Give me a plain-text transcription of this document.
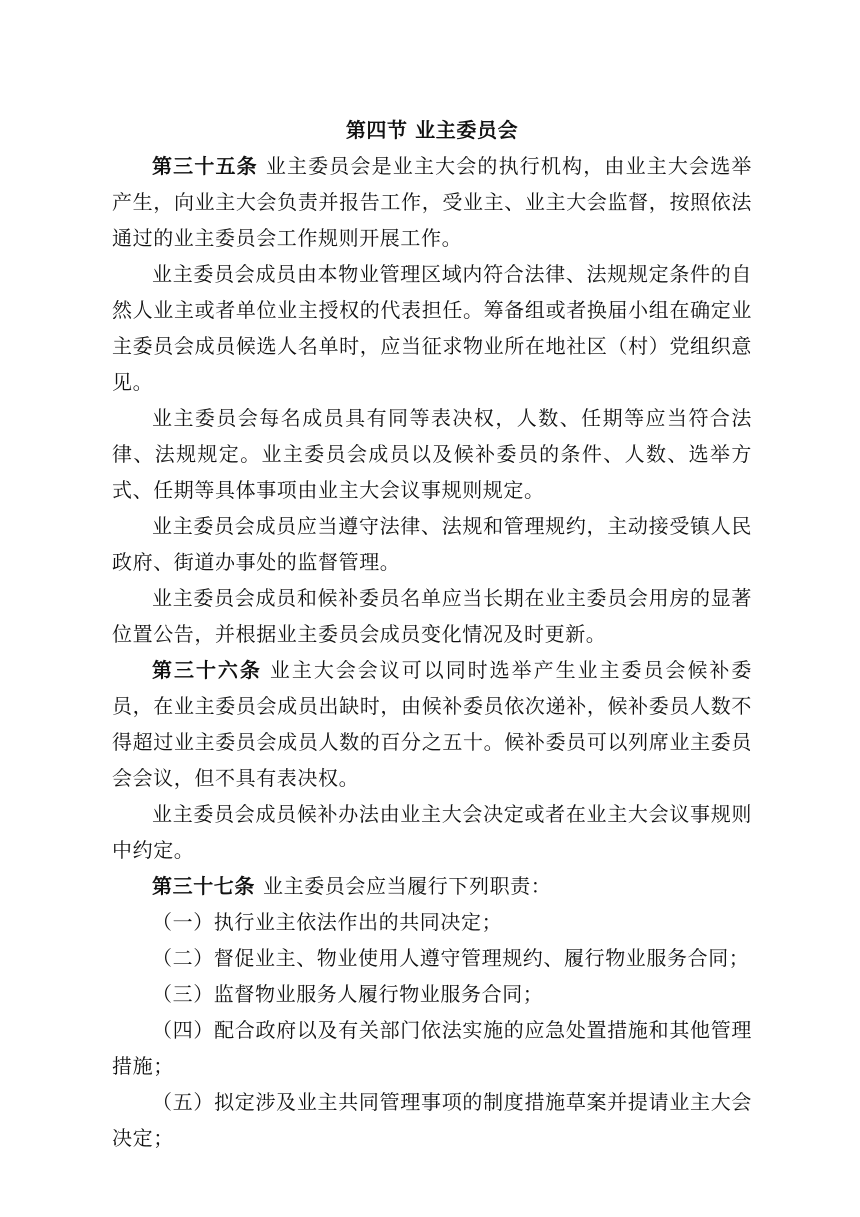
第四节 业主委员会

第三十五条 业主委员会是业主大会的执行机构，由业主大会选举产生，向业主大会负责并报告工作，受业主、业主大会监督，按照依法通过的业主委员会工作规则开展工作。

业主委员会成员由本物业管理区域内符合法律、法规规定条件的自然人业主或者单位业主授权的代表担任。筹备组或者换届小组在确定业主委员会成员候选人名单时，应当征求物业所在地社区（村）党组织意见。

业主委员会每名成员具有同等表决权，人数、任期等应当符合法律、法规规定。业主委员会成员以及候补委员的条件、人数、选举方式、任期等具体事项由业主大会议事规则规定。

业主委员会成员应当遵守法律、法规和管理规约，主动接受镇人民政府、街道办事处的监督管理。

业主委员会成员和候补委员名单应当长期在业主委员会用房的显著位置公告，并根据业主委员会成员变化情况及时更新。

第三十六条 业主大会会议可以同时选举产生业主委员会候补委员，在业主委员会成员出缺时，由候补委员依次递补，候补委员人数不得超过业主委员会成员人数的百分之五十。候补委员可以列席业主委员会会议，但不具有表决权。

业主委员会成员候补办法由业主大会决定或者在业主大会议事规则中约定。

第三十七条 业主委员会应当履行下列职责：

（一）执行业主依法作出的共同决定；

（二）督促业主、物业使用人遵守管理规约、履行物业服务合同；

（三）监督物业服务人履行物业服务合同；

（四）配合政府以及有关部门依法实施的应急处置措施和其他管理措施；

（五）拟定涉及业主共同管理事项的制度措施草案并提请业主大会决定；
